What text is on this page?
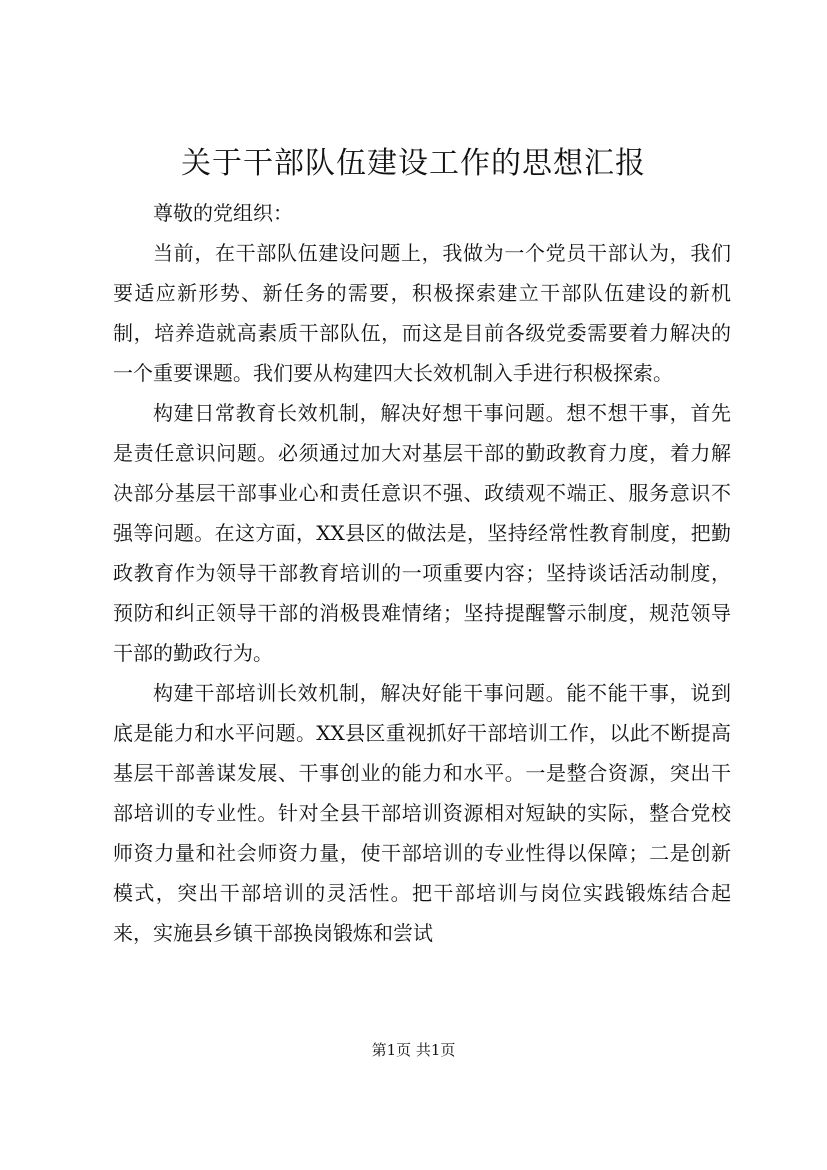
关于干部队伍建设工作的思想汇报

尊敬的党组织：

当前，在干部队伍建设问题上，我做为一个党员干部认为，我们要适应新形势、新任务的需要，积极探索建立干部队伍建设的新机制，培养造就高素质干部队伍，而这是目前各级党委需要着力解决的一个重要课题。我们要从构建四大长效机制入手进行积极探索。

构建日常教育长效机制，解决好想干事问题。想不想干事，首先是责任意识问题。必须通过加大对基层干部的勤政教育力度，着力解决部分基层干部事业心和责任意识不强、政绩观不端正、服务意识不强等问题。在这方面，XX县区的做法是，坚持经常性教育制度，把勤政教育作为领导干部教育培训的一项重要内容；坚持谈话活动制度，预防和纠正领导干部的消极畏难情绪；坚持提醒警示制度，规范领导干部的勤政行为。

构建干部培训长效机制，解决好能干事问题。能不能干事，说到底是能力和水平问题。XX县区重视抓好干部培训工作，以此不断提高基层干部善谋发展、干事创业的能力和水平。一是整合资源，突出干部培训的专业性。针对全县干部培训资源相对短缺的实际，整合党校师资力量和社会师资力量，使干部培训的专业性得以保障；二是创新模式，突出干部培训的灵活性。把干部培训与岗位实践锻炼结合起来，实施县乡镇干部换岗锻炼和尝试

第1页 共1页
